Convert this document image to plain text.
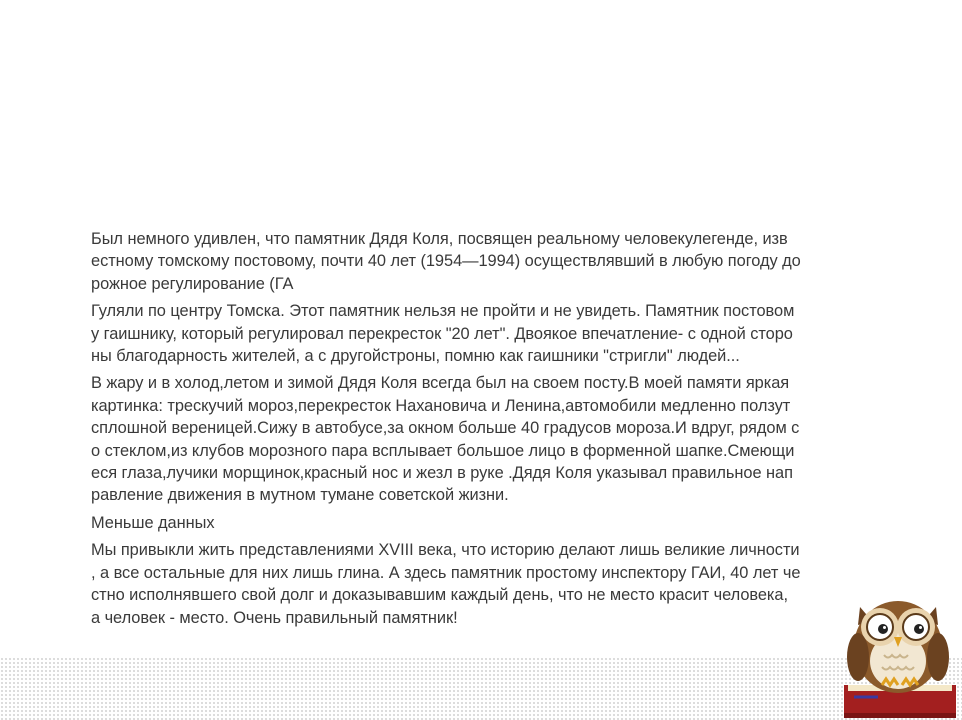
Был немного удивлен, что памятник Дядя Коля, посвящен реальному человекулегенде, изв
естному томскому постовому, почти 40 лет (1954—1994) осуществлявший в любую погоду до
рожное регулирование (ГА

Гуляли по центру Томска. Этот памятник нельзя не пройти и не увидеть. Памятник постовом
у гаишнику, который регулировал перекресток "20 лет". Двоякое впечатление- с одной сторо
ны благодарность жителей, а с другойстроны, помню как гаишники "стригли" людей...

В жару и в холод,летом и зимой Дядя Коля всегда был на своем посту.В моей памяти яркая
картинка: трескучий мороз,перекресток Нахановича и Ленина,автомобили медленно ползут
сплошной вереницей.Сижу в автобусе,за окном больше 40 градусов мороза.И вдруг, рядом с
о стеклом,из клубов морозного пара всплывает большое лицо в форменной шапке.Смеющи
еся глаза,лучики морщинок,красный нос и жезл в руке .Дядя Коля указывал правильное нап
равление движения в мутном тумане советской жизни.

Меньше данных

Мы привыкли жить представлениями XVIII века, что историю делают лишь великие личности
, а все остальные для них лишь глина. А здесь памятник простому инспектору ГАИ, 40 лет че
стно исполнявшего свой долг и доказывавшим каждый день, что не место красит человека,
а человек - место. Очень правильный памятник!
